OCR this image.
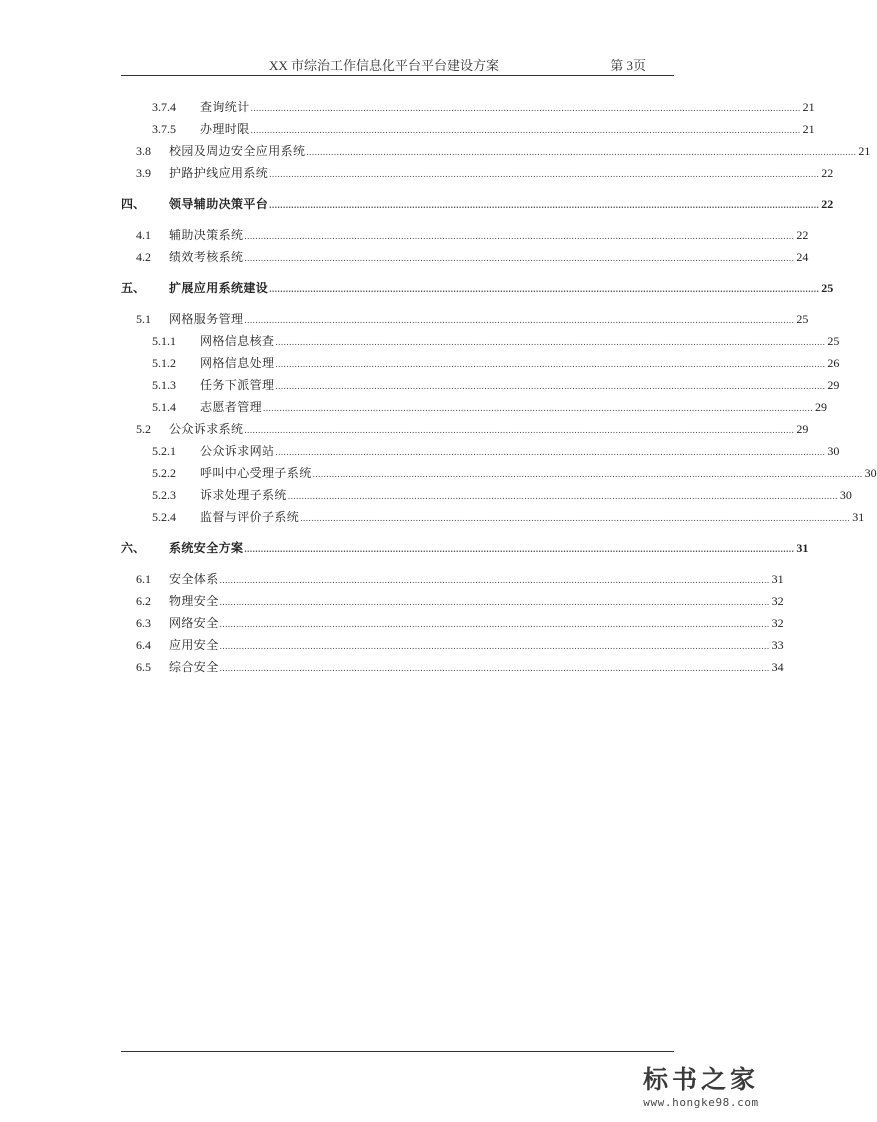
XX 市综治工作信息化平台平台建设方案	第 3页
3.7.4	查询统计 ........................................................................................................................................................................................................ 21
3.7.5	办理时限 ........................................................................................................................................................................................................ 21
3.8	校园及周边安全应用系统 ........................................................................................................................................................................................................ 21
3.9	护路护线应用系统 ........................................................................................................................................................................................................ 22
四、	领导辅助决策平台 ........................................................................................................................................................................................................ 22
4.1	辅助决策系统 ........................................................................................................................................................................................................ 22
4.2	绩效考核系统 ........................................................................................................................................................................................................ 24
五、	扩展应用系统建设 ........................................................................................................................................................................................................ 25
5.1	网格服务管理 ........................................................................................................................................................................................................ 25
5.1.1	网格信息核查 ........................................................................................................................................................................................................ 25
5.1.2	网格信息处理 ........................................................................................................................................................................................................ 26
5.1.3	任务下派管理 ........................................................................................................................................................................................................ 29
5.1.4	志愿者管理 ........................................................................................................................................................................................................ 29
5.2	公众诉求系统 ........................................................................................................................................................................................................ 29
5.2.1	公众诉求网站 ........................................................................................................................................................................................................ 30
5.2.2	呼叫中心受理子系统 ........................................................................................................................................................................................................ 30
5.2.3	诉求处理子系统 ........................................................................................................................................................................................................ 30
5.2.4	监督与评价子系统 ........................................................................................................................................................................................................ 31
六、	系统安全方案 ........................................................................................................................................................................................................ 31
6.1	安全体系 ........................................................................................................................................................................................................ 31
6.2	物理安全 ........................................................................................................................................................................................................ 32
6.3	网络安全 ........................................................................................................................................................................................................ 32
6.4	应用安全 ........................................................................................................................................................................................................ 33
6.5	综合安全 ........................................................................................................................................................................................................ 34
标书之家
www.hongke98.com
